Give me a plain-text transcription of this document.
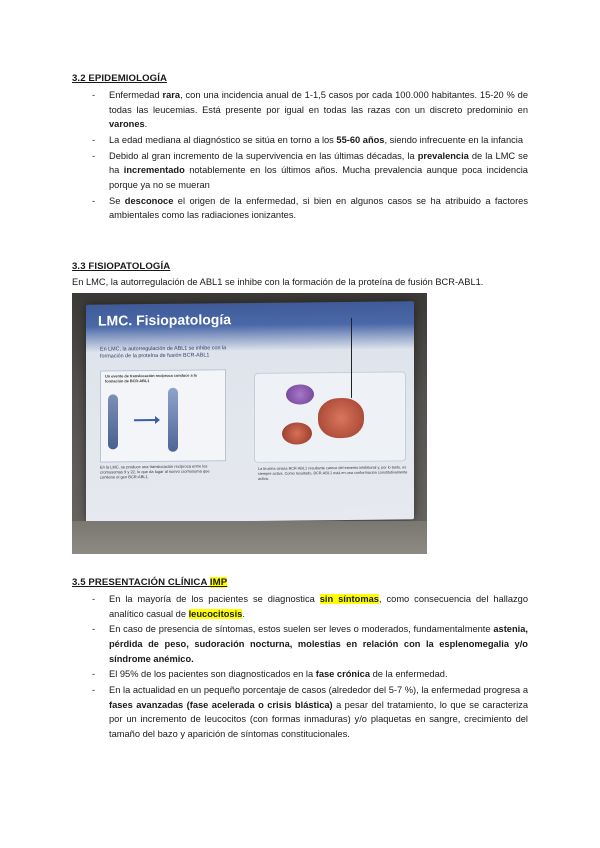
3.2 EPIDEMIOLOGÍA
- Enfermedad rara, con una incidencia anual de 1-1,5 casos por cada 100.000 habitantes. 15-20 % de todas las leucemias. Está presente por igual en todas las razas con un discreto predominio en varones.
- La edad mediana al diagnóstico se sitúa en torno a los 55-60 años, siendo infrecuente en la infancia
- Debido al gran incremento de la supervivencia en las últimas décadas, la prevalencia de la LMC se ha incrementado notablemente en los últimos años. Mucha prevalencia aunque poca incidencia porque ya no se mueran
- Se desconoce el origen de la enfermedad, si bien en algunos casos se ha atribuido a factores ambientales como las radiaciones ionizantes.
3.3 FISIOPATOLOGÍA
En LMC, la autorregulación de ABL1 se inhibe con la formación de la proteína de fusión BCR-ABL1.
LMC. Fisiopatología
En LMC, la autorregulación de ABL1 se inhibe con la formación de la proteína de fusión BCR-ABL1
Un evento de translocación recíproca conduce a la formación de BCR-ABL1
En la LMC, se produce una translocación recíproca entre los cromosomas 9 y 22, lo que da lugar al nuevo cromosoma que contiene el gen BCR-ABL1.
La tirosina cinasa BCR-ABL1 resultante carece del extremo inhibitorial y, por lo tanto, es siempre activa. Como resultado, BCR-ABL1 está en una conformación constitutivamente activa.
3.5 PRESENTACIÓN CLÍNICA IMP
- En la mayoría de los pacientes se diagnostica sin síntomas, como consecuencia del hallazgo analítico casual de leucocitosis.
- En caso de presencia de síntomas, estos suelen ser leves o moderados, fundamentalmente astenia, pérdida de peso, sudoración nocturna, molestias en relación con la esplenomegalia y/o síndrome anémico.
- El 95% de los pacientes son diagnosticados en la fase crónica de la enfermedad.
- En la actualidad en un pequeño porcentaje de casos (alrededor del 5-7 %), la enfermedad progresa a fases avanzadas (fase acelerada o crisis blástica) a pesar del tratamiento, lo que se caracteriza por un incremento de leucocitos (con formas inmaduras) y/o plaquetas en sangre, crecimiento del tamaño del bazo y aparición de síntomas constitucionales.
